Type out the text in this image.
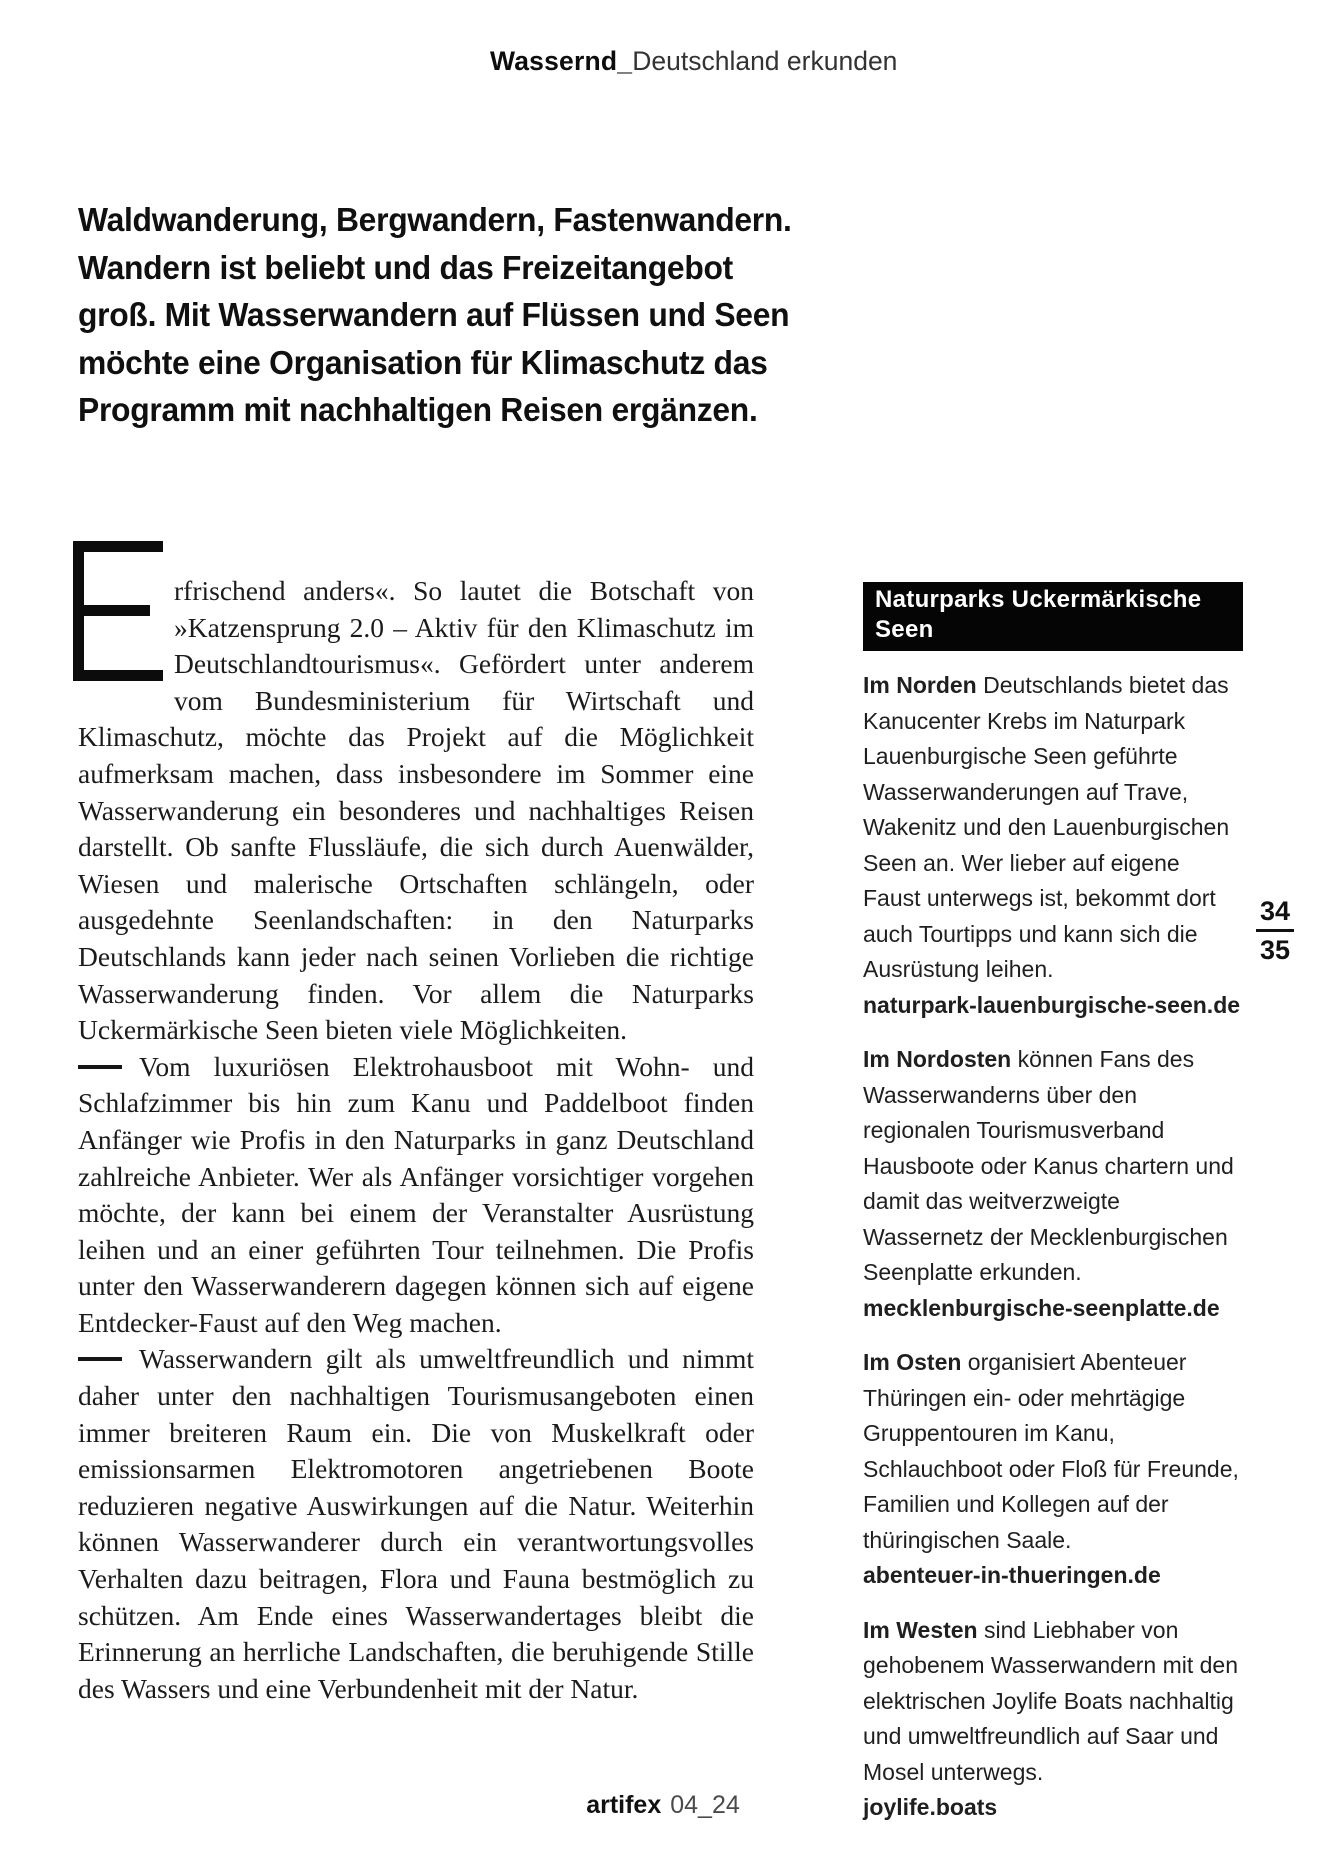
Wassernd_Deutschland erkunden
Waldwanderung, Bergwandern, Fastenwandern.
Wandern ist beliebt und das Freizeitangebot
groß. Mit Wasserwandern auf Flüssen und Seen
möchte eine Organisation für Klimaschutz das
Programm mit nachhaltigen Reisen ergänzen.

rfrischend anders«. So lautet die Botschaft von »Katzensprung 2.0 – Aktiv für den Klimaschutz im Deutschlandtourismus«. Gefördert unter anderem vom Bundesministerium für Wirtschaft und Klimaschutz, möchte das Projekt auf die Möglichkeit aufmerksam machen, dass insbesondere im Sommer eine Wasserwanderung ein besonderes und nachhaltiges Reisen darstellt. Ob sanfte Flussläufe, die sich durch Auenwälder, Wiesen und malerische Ortschaften schlängeln, oder ausgedehnte Seenlandschaften: in den Naturparks Deutschlands kann jeder nach seinen Vorlieben die richtige Wasserwanderung finden. Vor allem die Naturparks Uckermärkische Seen bieten viele Möglichkeiten.

Vom luxuriösen Elektrohausboot mit Wohn- und Schlafzimmer bis hin zum Kanu und Paddelboot finden Anfänger wie Profis in den Naturparks in ganz Deutschland zahlreiche Anbieter. Wer als Anfänger vorsichtiger vorgehen möchte, der kann bei einem der Veranstalter Ausrüstung leihen und an einer geführten Tour teilnehmen. Die Profis unter den Wasserwanderern dagegen können sich auf eigene Entdecker-Faust auf den Weg machen.

Wasserwandern gilt als umweltfreundlich und nimmt daher unter den nachhaltigen Tourismusangeboten einen immer breiteren Raum ein. Die von Muskelkraft oder emissionsarmen Elektromotoren angetriebenen Boote reduzieren negative Auswirkungen auf die Natur. Weiterhin können Wasserwanderer durch ein verantwortungsvolles Verhalten dazu beitragen, Flora und Fauna bestmöglich zu schützen. Am Ende eines Wasserwandertages bleibt die Erinnerung an herrliche Landschaften, die beruhigende Stille des Wassers und eine Verbundenheit mit der Natur.

Naturparks Uckermärkische Seen

Im Norden Deutschlands bietet das Kanucenter Krebs im Naturpark Lauenburgische Seen geführte Wasserwanderungen auf Trave, Wakenitz und den Lauenburgischen Seen an. Wer lieber auf eigene Faust unterwegs ist, bekommt dort auch Tourtipps und kann sich die Ausrüstung leihen.

naturpark-lauenburgische-seen.de

Im Nordosten können Fans des Wasserwanderns über den regionalen Tourismusverband Hausboote oder Kanus chartern und damit das weitverzweigte Wassernetz der Mecklenburgischen Seenplatte erkunden.

mecklenburgische-seenplatte.de

Im Osten organisiert Abenteuer Thüringen ein- oder mehrtägige Gruppentouren im Kanu, Schlauchboot oder Floß für Freunde, Familien und Kollegen auf der thüringischen Saale.

abenteuer-in-thueringen.de

Im Westen sind Liebhaber von gehobenem Wasserwandern mit den elektrischen Joylife Boats nachhaltig und umweltfreundlich auf Saar und Mosel unterwegs.

joylife.boats
34
35
artifex 04_24
